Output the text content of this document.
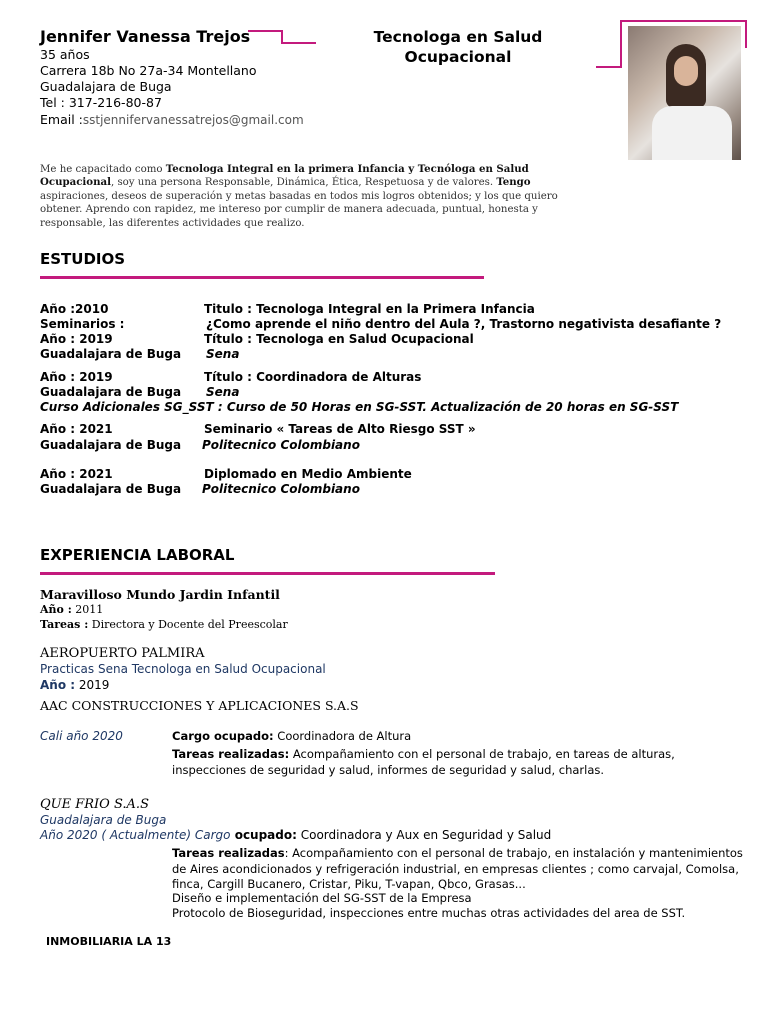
Jennifer Vanessa Trejos
35 años
Carrera 18b No 27a-34 Montellano
Guadalajara de Buga
Tel : 317-216-80-87
Email :sstjennifervanessatrejos@gmail.com
Tecnologa en Salud
Ocupacional
Me he capacitado como Tecnologa Integral en la primera Infancia y Tecnóloga en Salud Ocupacional, soy una persona Responsable, Dinámica, Ética, Respetuosa y de valores. Tengo aspiraciones, deseos de superación y metas basadas en todos mis logros obtenidos; y los que quiero obtener. Aprendo con rapidez, me intereso por cumplir de manera adecuada, puntual, honesta y responsable, las diferentes actividades que realizo.
ESTUDIOS
Año :2010	Titulo : Tecnologa Integral en la Primera Infancia
Seminarios :	¿Como aprende el niño dentro del Aula ?, Trastorno negativista desafiante ?
Año : 2019	Título : Tecnologa en Salud Ocupacional
Guadalajara de Buga Sena
Año : 2019	Título : Coordinadora de Alturas
Guadalajara de Buga Sena
Curso Adicionales SG_SST : Curso de 50 Horas en SG-SST. Actualización de 20 horas en SG-SST
Año : 2021	Seminario « Tareas de Alto Riesgo SST »
Guadalajara de Buga Politecnico Colombiano
Año : 2021	Diplomado en Medio Ambiente
Guadalajara de Buga Politecnico Colombiano
EXPERIENCIA LABORAL
Maravilloso Mundo Jardin Infantil
Año : 2011
Tareas : Directora y Docente del Preescolar
AEROPUERTO PALMIRA
Practicas Sena Tecnologa en Salud Ocupacional
Año : 2019
AAC CONSTRUCCIONES Y APLICACIONES S.A.S
Cali año 2020	Cargo ocupado: Coordinadora de Altura
Tareas realizadas: Acompañamiento con el personal de trabajo, en tareas de alturas,
inspecciones de seguridad y salud, informes de seguridad y salud, charlas.
QUE FRIO S.A.S
Guadalajara de Buga
Año 2020 ( Actualmente) Cargo ocupado: Coordinadora y Aux en Seguridad y Salud
Tareas realizadas: Acompañamiento con el personal de trabajo, en instalación y mantenimientos
de Aires acondicionados y refrigeración industrial, en empresas clientes ; como carvajal, Comolsa,
finca, Cargill Bucanero, Cristar, Piku, T-vapan, Qbco, Grasas...
Diseño e implementación del SG-SST de la Empresa
Protocolo de Bioseguridad, inspecciones entre muchas otras actividades del area de SST.
INMOBILIARIA LA 13
